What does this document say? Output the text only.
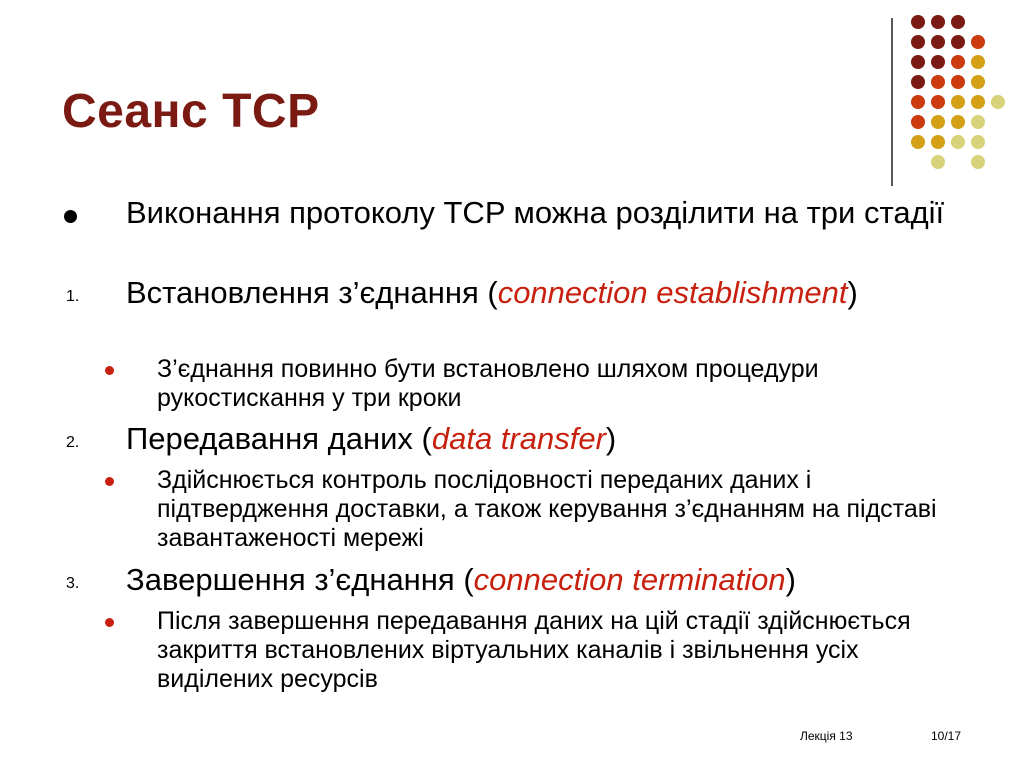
Сеанс TCP
Виконання протоколу TCP можна розділити на три стадії
1. Встановлення з’єднання (connection establishment)
З’єднання повинно бути встановлено шляхом процедури рукостискання у три кроки
2. Передавання даних (data transfer)
Здійснюється контроль послідовності переданих даних і підтвердження доставки, а також керування з’єднанням на підставі завантаженості мережі
3. Завершення з’єднання (connection termination)
Після завершення передавання даних на цій стадії здійснюється закриття встановлених віртуальних каналів і звільнення усіх виділених ресурсів
Лекція 13	10/17
